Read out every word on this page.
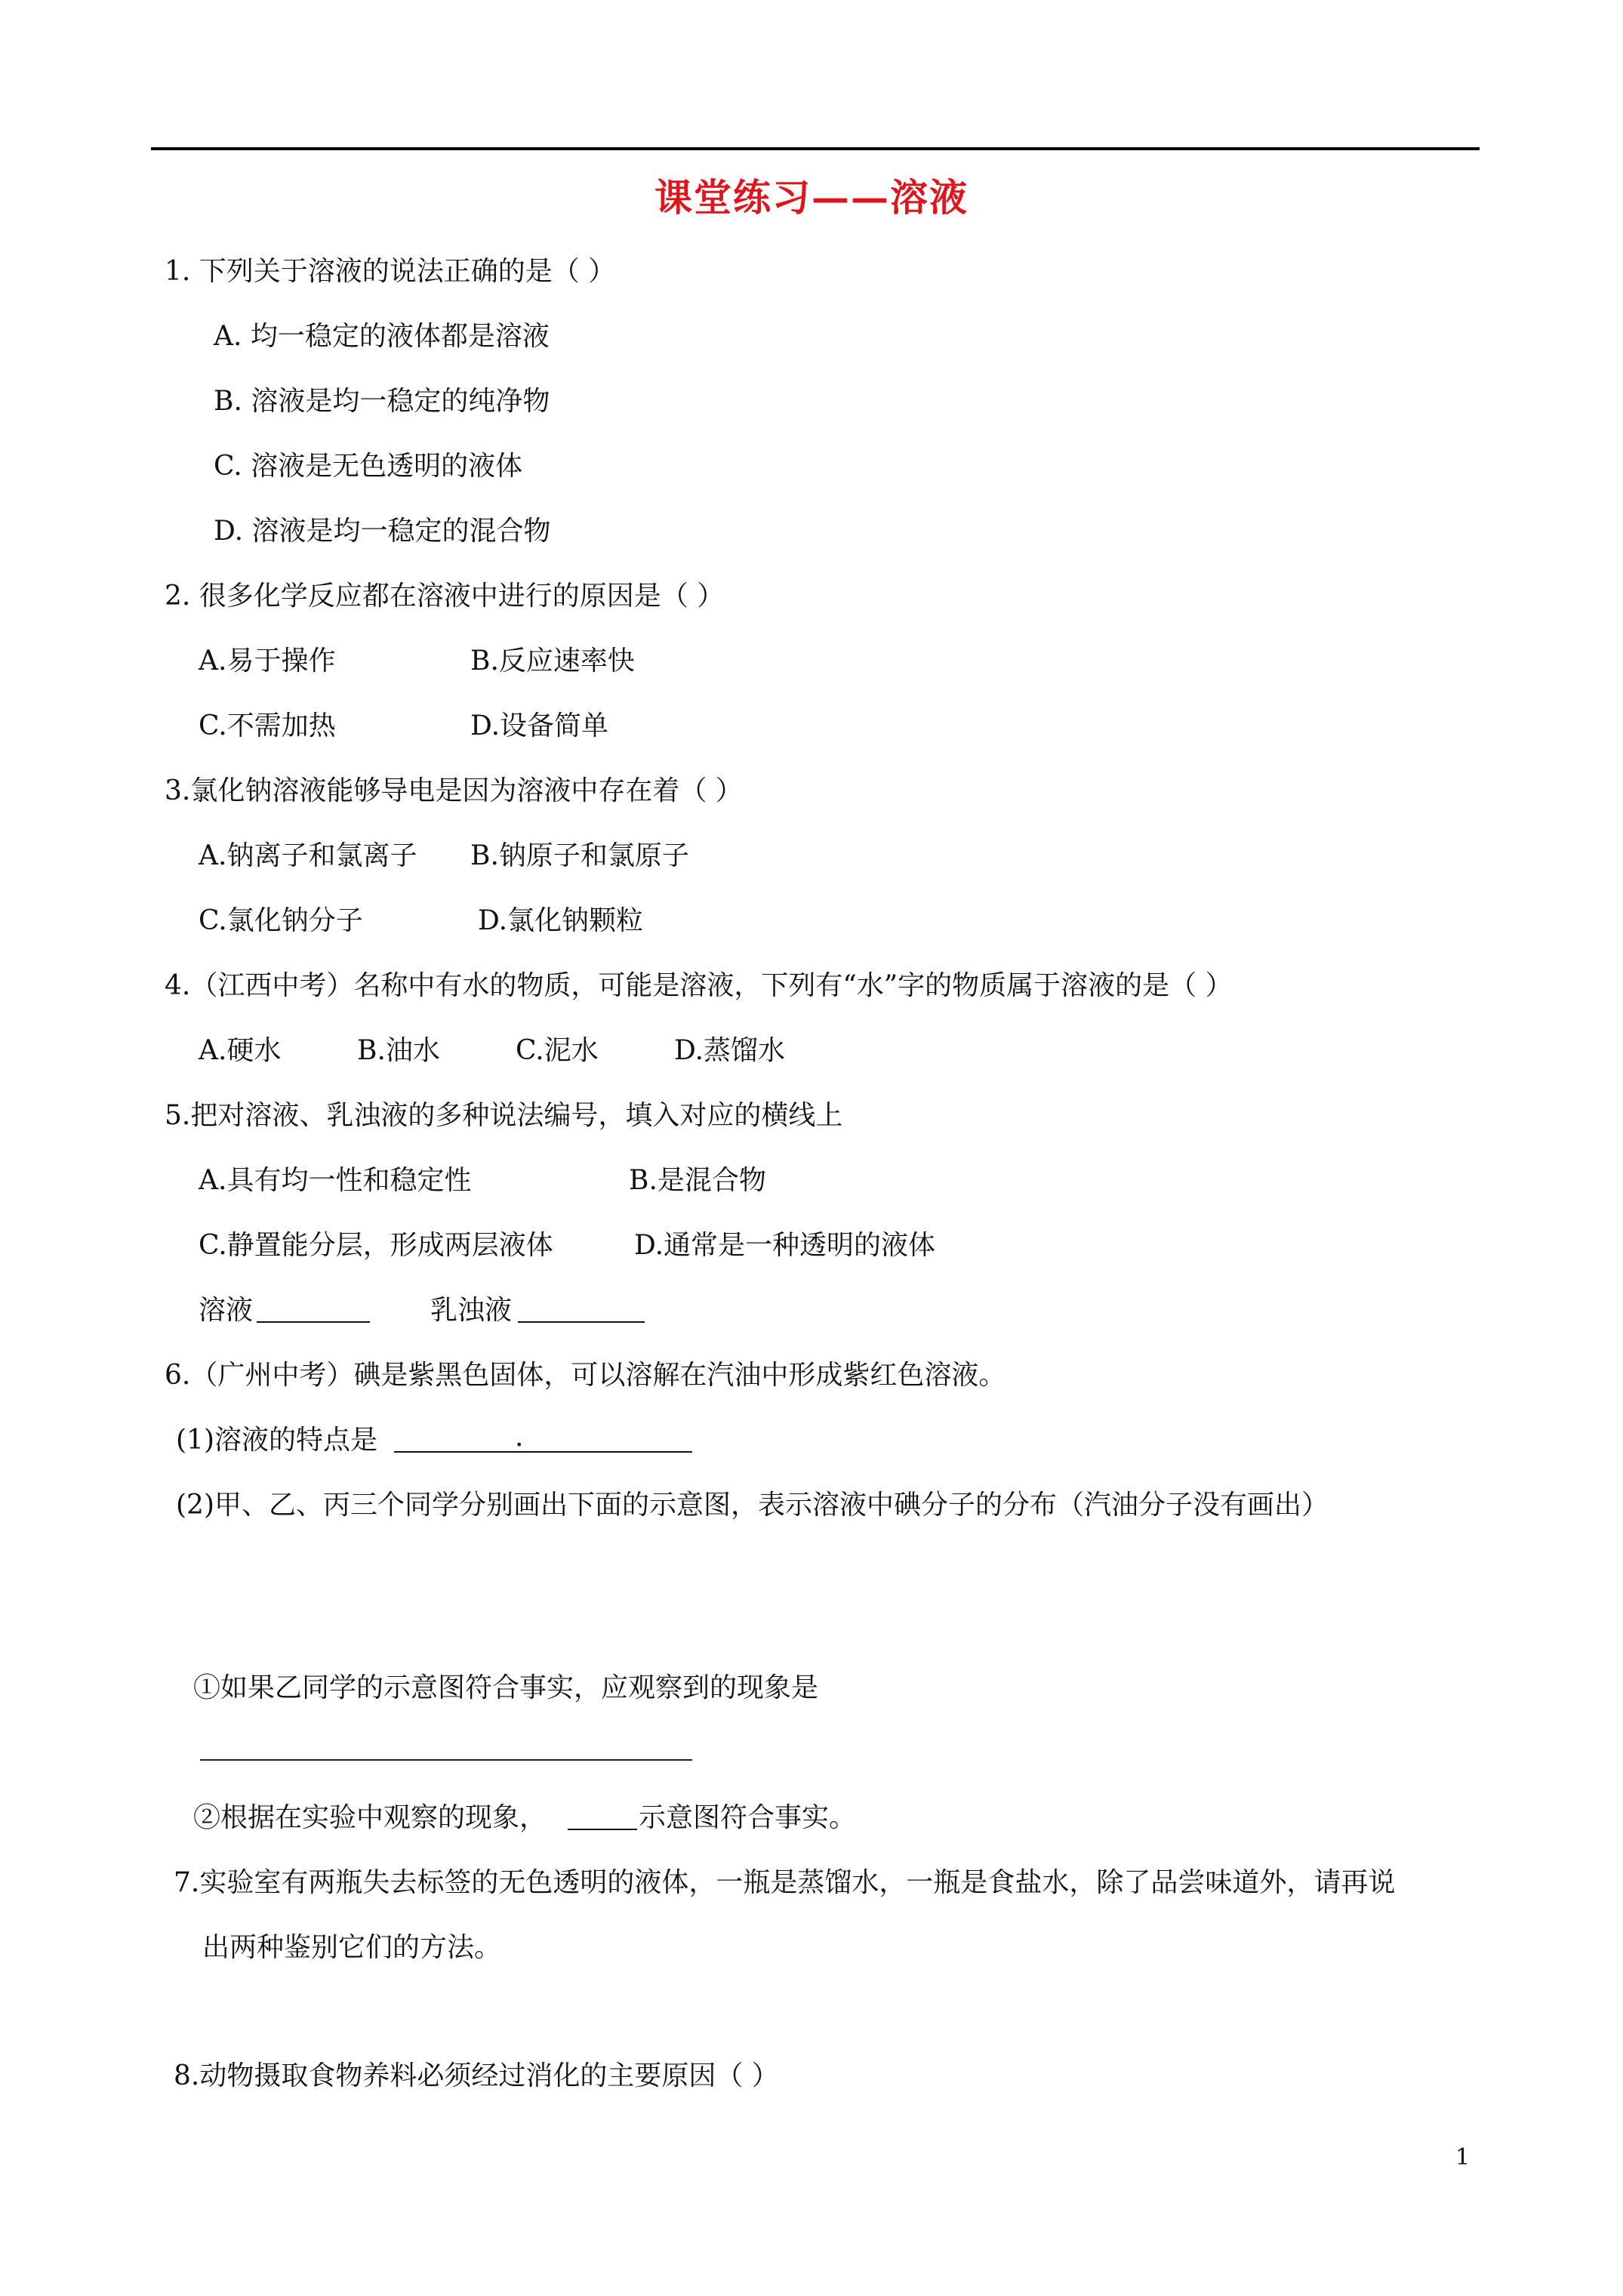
课堂练习——溶液
1. 下列关于溶液的说法正确的是（ ）
A. 均一稳定的液体都是溶液
B. 溶液是均一稳定的纯净物
C. 溶液是无色透明的液体
D. 溶液是均一稳定的混合物
2. 很多化学反应都在溶液中进行的原因是（ ）
A.易于操作	B.反应速率快
C.不需加热	D.设备简单
3.氯化钠溶液能够导电是因为溶液中存在着（ ）
A.钠离子和氯离子 B.钠原子和氯原子
C.氯化钠分子	D.氯化钠颗粒
4.（江西中考）名称中有水的物质，可能是溶液，下列有“水”字的物质属于溶液的是（ ）
A.硬水	B.油水	C.泥水	D.蒸馏水
5.把对溶液、乳浊液的多种说法编号，填入对应的横线上
A.具有均一性和稳定性	B.是混合物
C.静置能分层，形成两层液体	D.通常是一种透明的液体
溶液	乳浊液
6.（广州中考）碘是紫黑色固体，可以溶解在汽油中形成紫红色溶液。
(1)溶液的特点是	.
(2)甲、乙、丙三个同学分别画出下面的示意图，表示溶液中碘分子的分布（汽油分子没有画出）
①如果乙同学的示意图符合事实，应观察到的现象是
②根据在实验中观察的现象，	示意图符合事实。
7.实验室有两瓶失去标签的无色透明的液体，一瓶是蒸馏水，一瓶是食盐水，除了品尝味道外，请再说
出两种鉴别它们的方法。
8.动物摄取食物养料必须经过消化的主要原因（ ）
1
